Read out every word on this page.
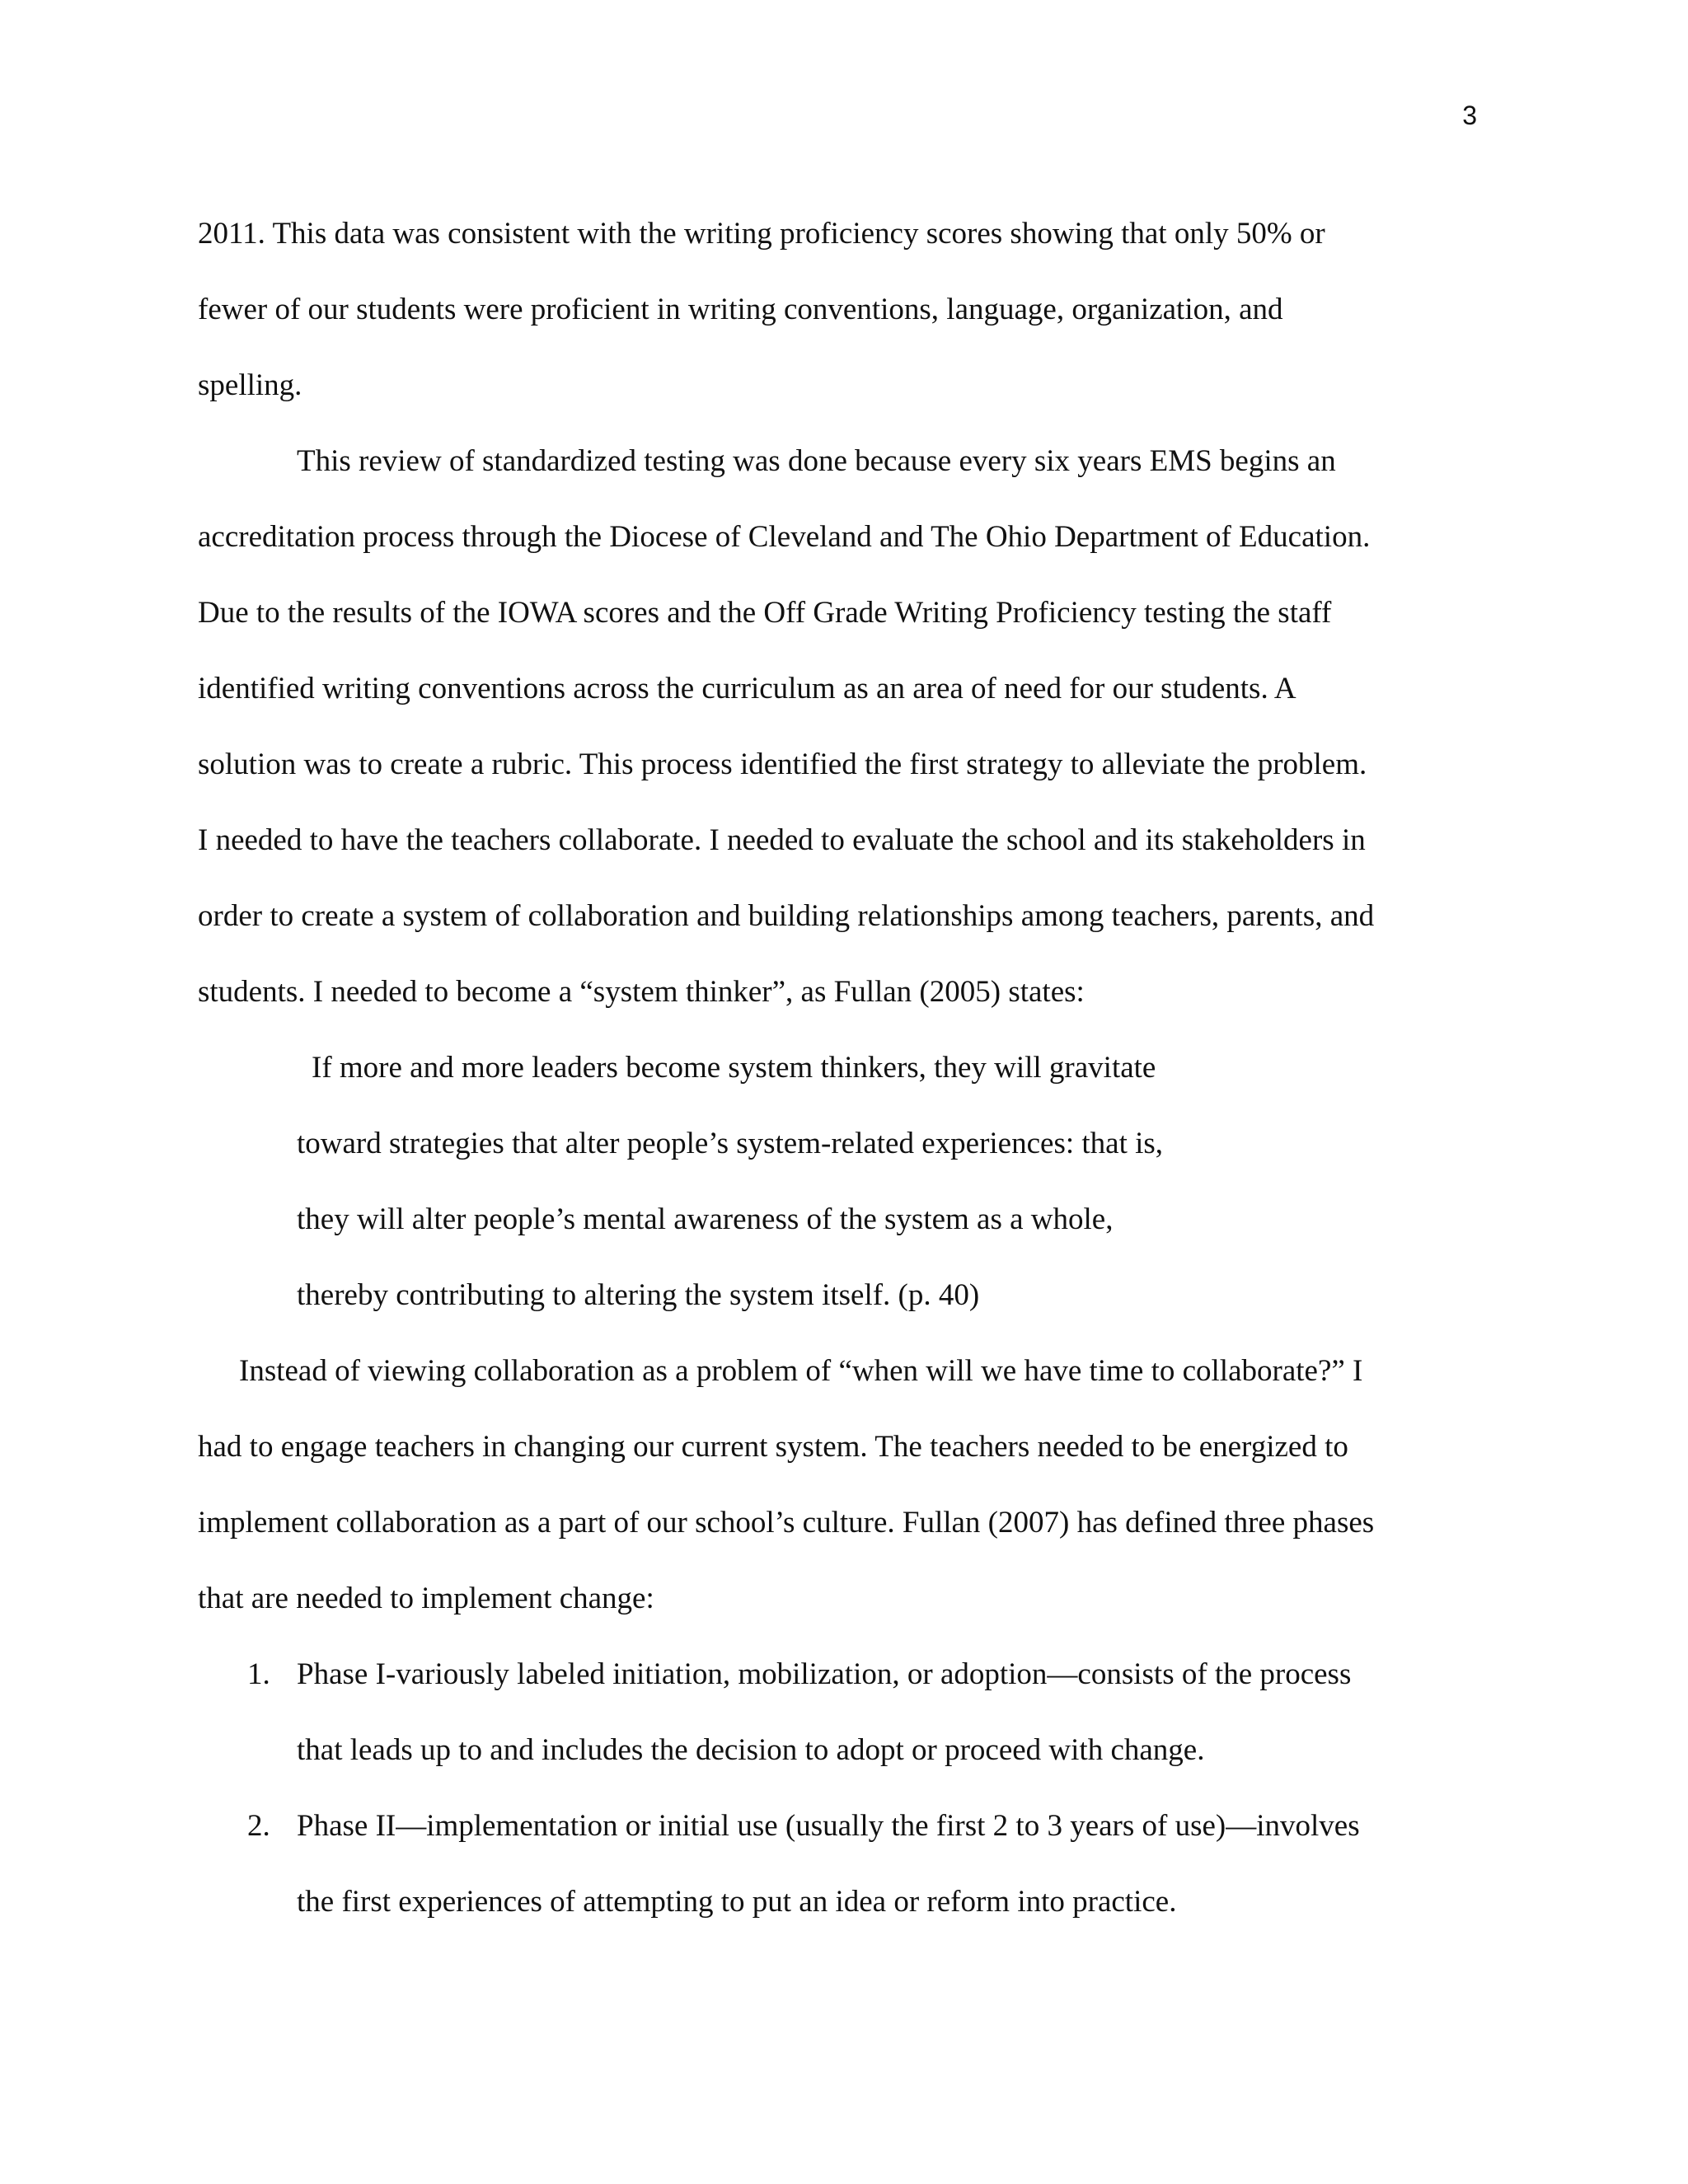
3
2011. This data was consistent with the writing proficiency scores showing that only 50% or
fewer of our students were proficient in writing conventions, language, organization, and
spelling.
This review of standardized testing was done because every six years EMS begins an
accreditation process through the Diocese of Cleveland and The Ohio Department of Education.
Due to the results of the IOWA scores and the Off Grade Writing Proficiency testing the staff
identified writing conventions across the curriculum as an area of need for our students. A
solution was to create a rubric. This process identified the first strategy to alleviate the problem.
I needed to have the teachers collaborate. I needed to evaluate the school and its stakeholders in
order to create a system of collaboration and building relationships among teachers, parents, and
students. I needed to become a “system thinker”, as Fullan (2005) states:
If more and more leaders become system thinkers, they will gravitate
toward strategies that alter people’s system-related experiences: that is,
they will alter people’s mental awareness of the system as a whole,
thereby contributing to altering the system itself. (p. 40)
Instead of viewing collaboration as a problem of “when will we have time to collaborate?” I
had to engage teachers in changing our current system. The teachers needed to be energized to
implement collaboration as a part of our school’s culture. Fullan (2007) has defined three phases
that are needed to implement change:
1. Phase I-variously labeled initiation, mobilization, or adoption—consists of the process
that leads up to and includes the decision to adopt or proceed with change.
2. Phase II—implementation or initial use (usually the first 2 to 3 years of use)—involves
the first experiences of attempting to put an idea or reform into practice.
